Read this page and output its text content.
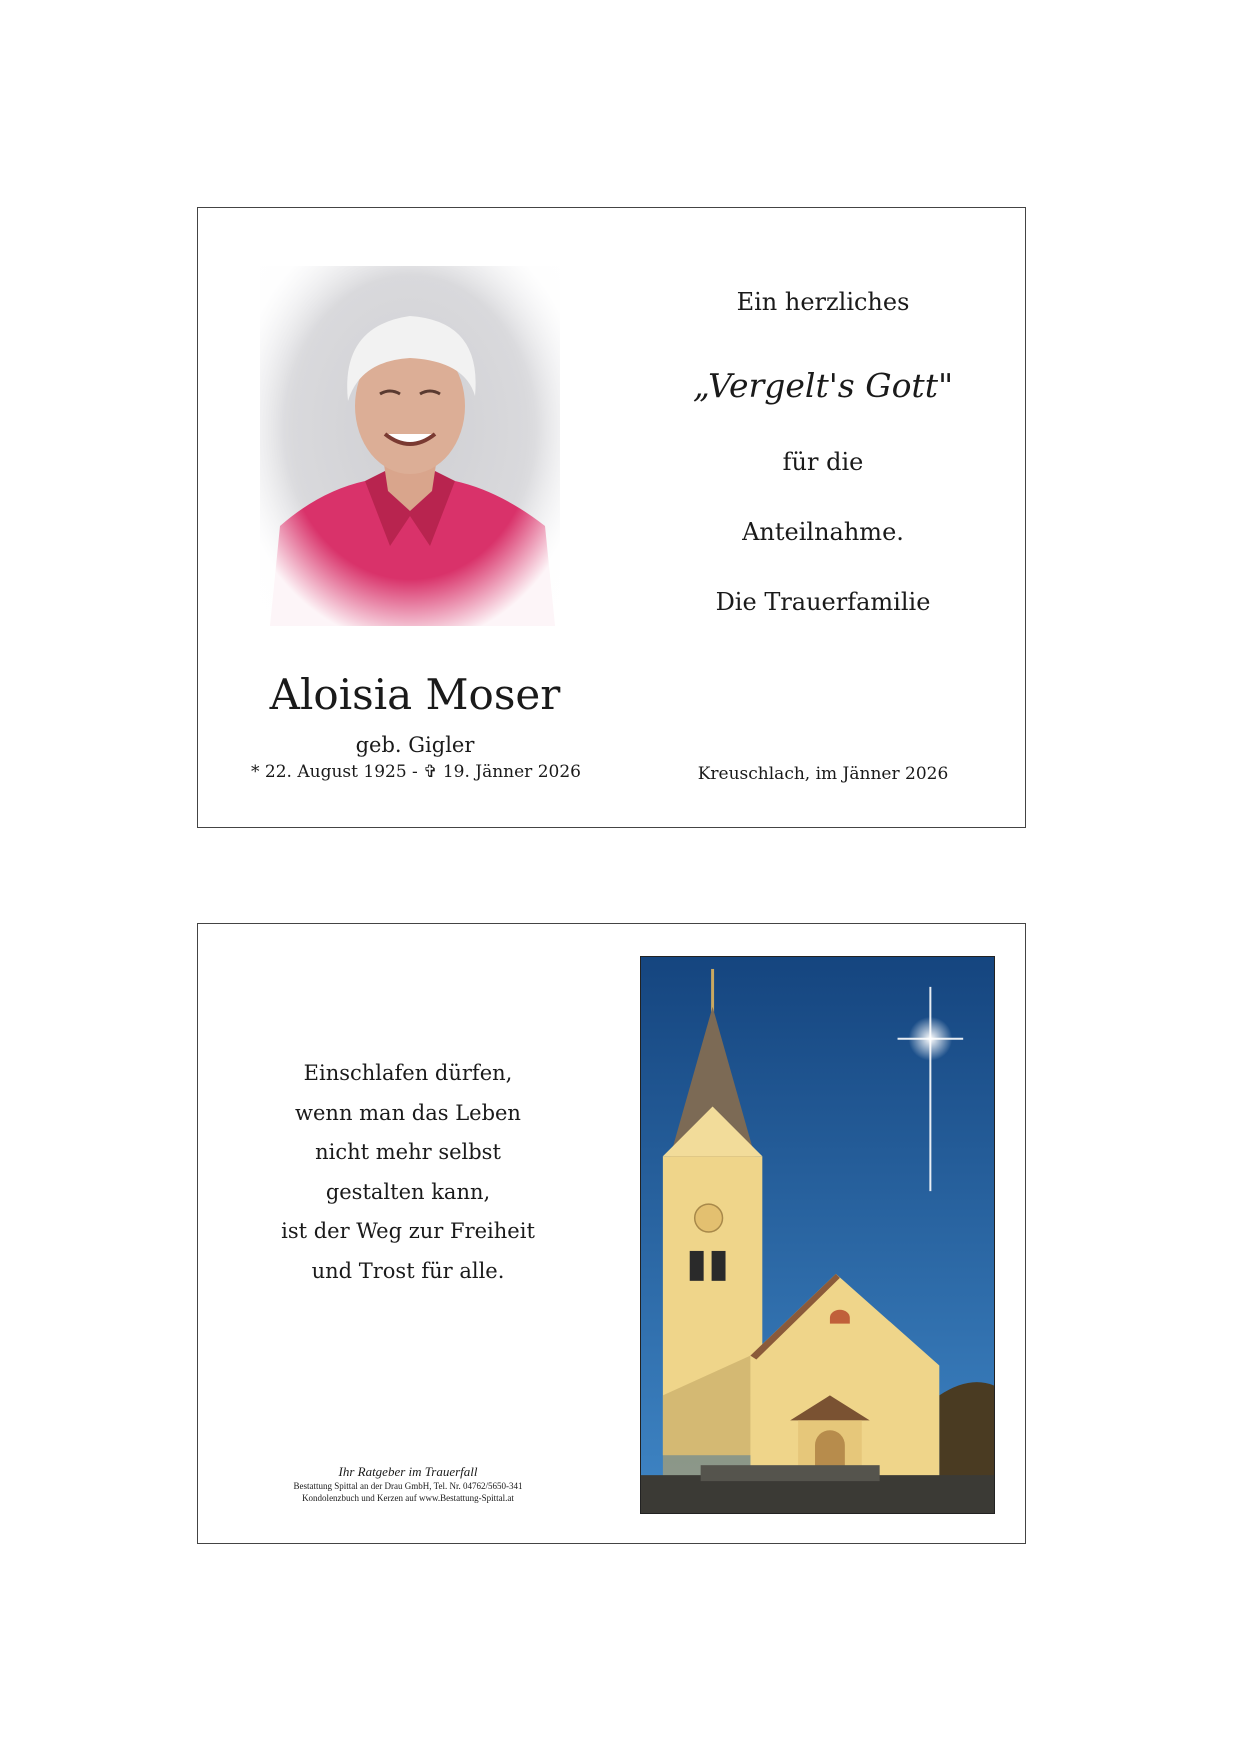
Ein herzliches
„Vergelt's Gott"
für die
Anteilnahme.
Die Trauerfamilie
Aloisia Moser
geb. Gigler
* 22. August 1925 - ✞ 19. Jänner 2026	Kreuschlach, im Jänner 2026
Einschlafen dürfen,
wenn man das Leben
nicht mehr selbst
gestalten kann,
ist der Weg zur Freiheit
und Trost für alle.
Ihr Ratgeber im Trauerfall
Bestattung Spittal an der Drau GmbH, Tel. Nr. 04762/5650-341
Kondolenzbuch und Kerzen auf www.Bestattung-Spittal.at
